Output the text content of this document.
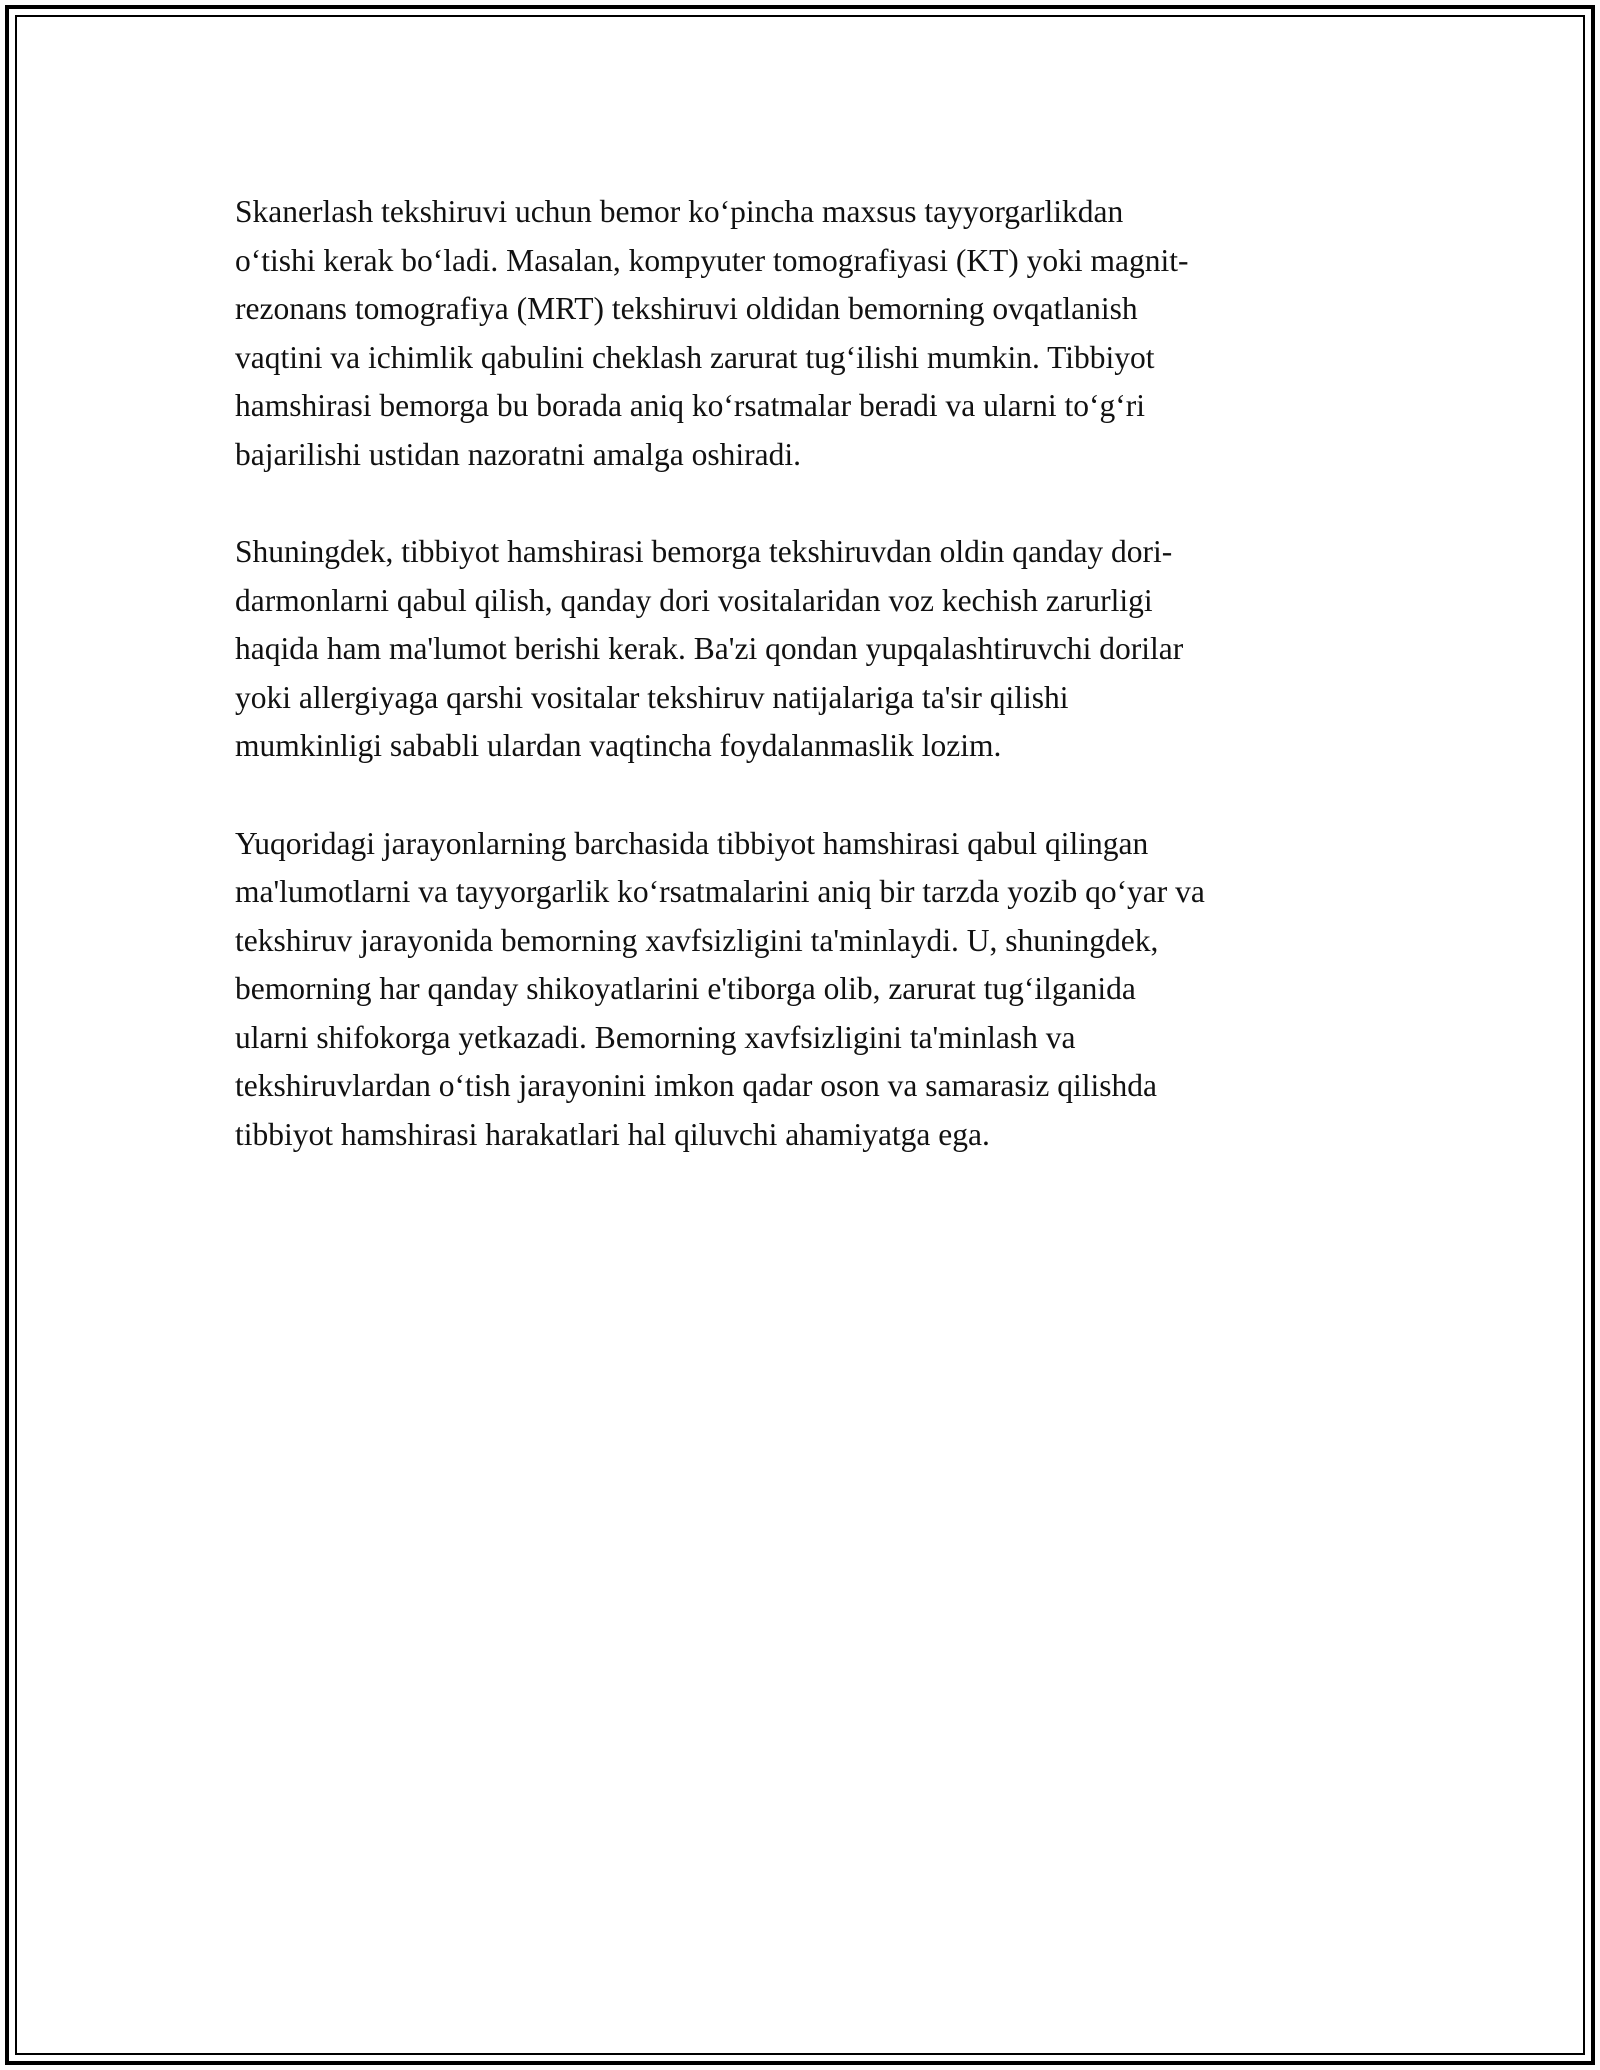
Skanerlash tekshiruvi uchun bemor ko‘pincha maxsus tayyorgarlikdan
o‘tishi kerak bo‘ladi. Masalan, kompyuter tomografiyasi (KT) yoki magnit-
rezonans tomografiya (MRT) tekshiruvi oldidan bemorning ovqatlanish
vaqtini va ichimlik qabulini cheklash zarurat tug‘ilishi mumkin. Tibbiyot
hamshirasi bemorga bu borada aniq ko‘rsatmalar beradi va ularni to‘g‘ri
bajarilishi ustidan nazoratni amalga oshiradi.

Shuningdek, tibbiyot hamshirasi bemorga tekshiruvdan oldin qanday dori-
darmonlarni qabul qilish, qanday dori vositalaridan voz kechish zarurligi
haqida ham ma'lumot berishi kerak. Ba'zi qondan yupqalashtiruvchi dorilar
yoki allergiyaga qarshi vositalar tekshiruv natijalariga ta'sir qilishi
mumkinligi sababli ulardan vaqtincha foydalanmaslik lozim.

Yuqoridagi jarayonlarning barchasida tibbiyot hamshirasi qabul qilingan
ma'lumotlarni va tayyorgarlik ko‘rsatmalarini aniq bir tarzda yozib qo‘yar va
tekshiruv jarayonida bemorning xavfsizligini ta'minlaydi. U, shuningdek,
bemorning har qanday shikoyatlarini e'tiborga olib, zarurat tug‘ilganida
ularni shifokorga yetkazadi. Bemorning xavfsizligini ta'minlash va
tekshiruvlardan o‘tish jarayonini imkon qadar oson va samarasiz qilishda
tibbiyot hamshirasi harakatlari hal qiluvchi ahamiyatga ega.
